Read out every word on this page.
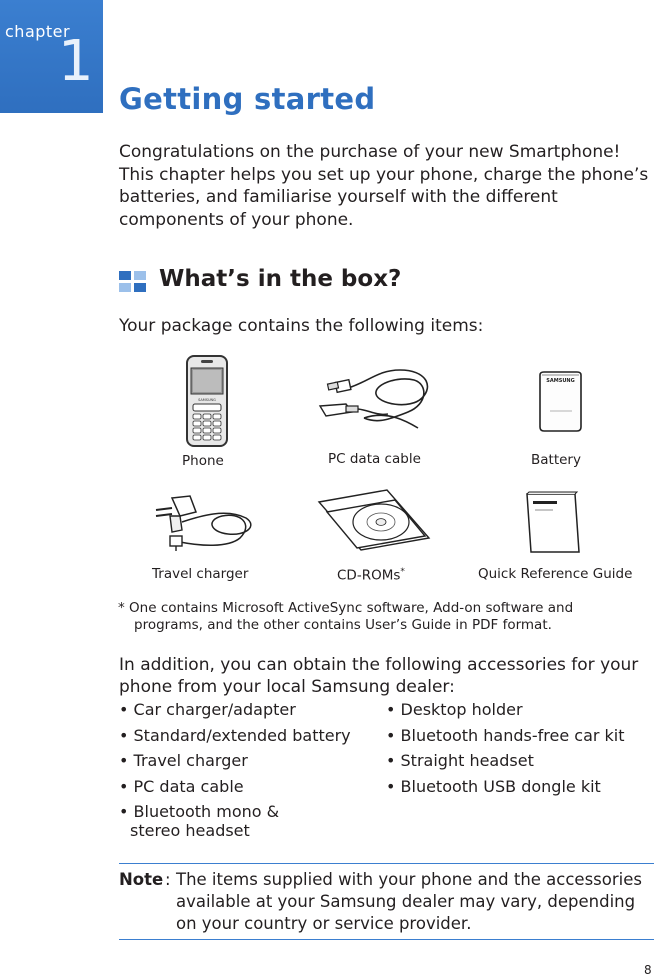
chapter
1
Getting started

Congratulations on the purchase of your new Smartphone! This chapter helps you set up your phone, charge the phone’s batteries, and familiarise yourself with the different components of your phone.

What’s in the box?

Your package contains the following items:

SAMSUNG
Phone	PC data cable
SAMSUNG
Battery
Travel charger	CD-ROMs*	Quick Reference Guide
* One contains Microsoft ActiveSync software, Add-on software and
programs, and the other contains User’s Guide in PDF format.

In addition, you can obtain the following accessories for your phone from your local Samsung dealer:

• Car charger/adapter
• Standard/extended battery
• Travel charger
• PC data cable
• Bluetooth mono &
stereo headset
• Desktop holder
• Bluetooth hands-free car kit
• Straight headset
• Bluetooth USB dongle kit
Note : The items supplied with your phone and the accessories available at your Samsung dealer may vary, depending on your country or service provider.
8
